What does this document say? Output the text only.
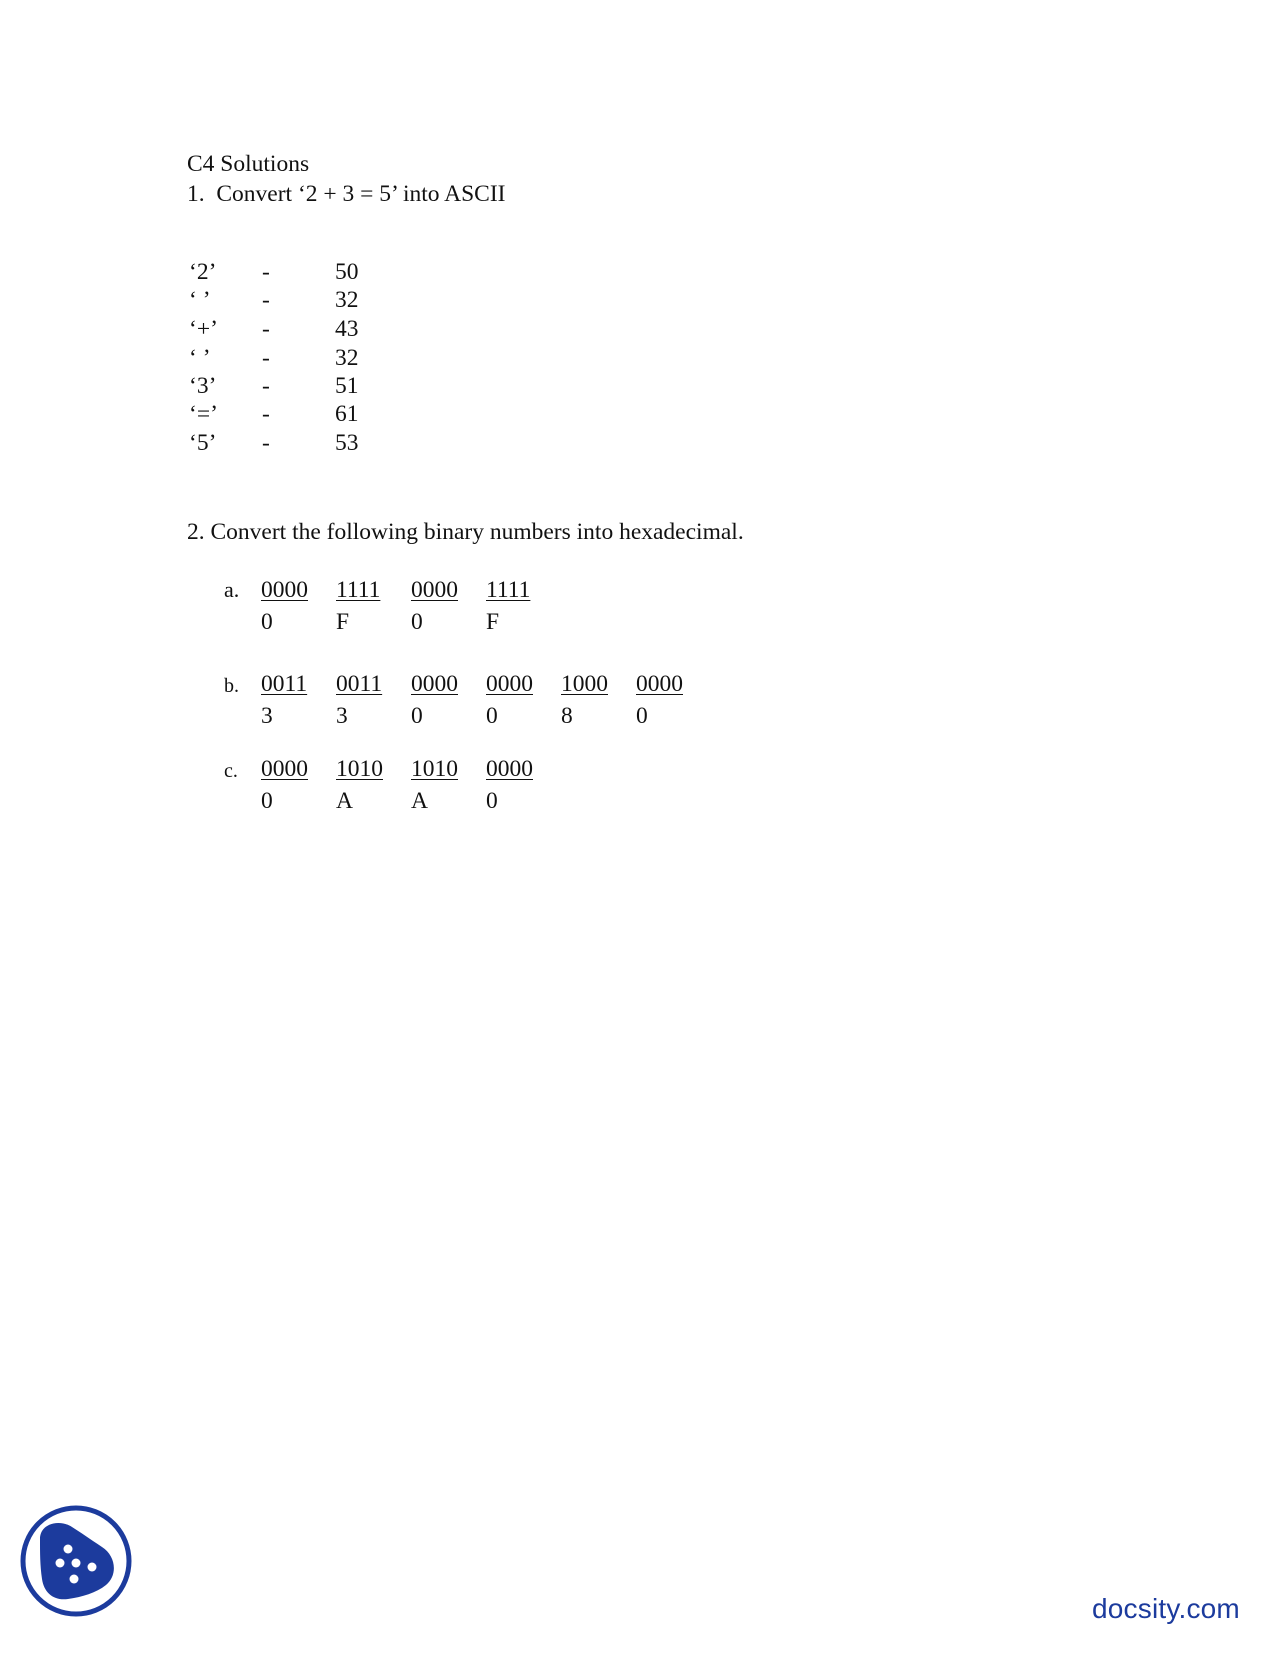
C4 Solutions
1.  Convert ‘2 + 3 = 5’ into ASCII
‘2’ -	50
‘ ’ -	32
‘+’ -	43
‘ ’ -	32
‘3’ -	51
‘=’ -	61
‘5’ -	53
2. Convert the following binary numbers into hexadecimal.
a. 0000 1111 0000 1111
0	F	0	F
b. 0011 0011 0000 0000 1000 0000
3	3	0	0	8	0
c. 0000 1010 1010 0000
0	A A 0
docsity.com
